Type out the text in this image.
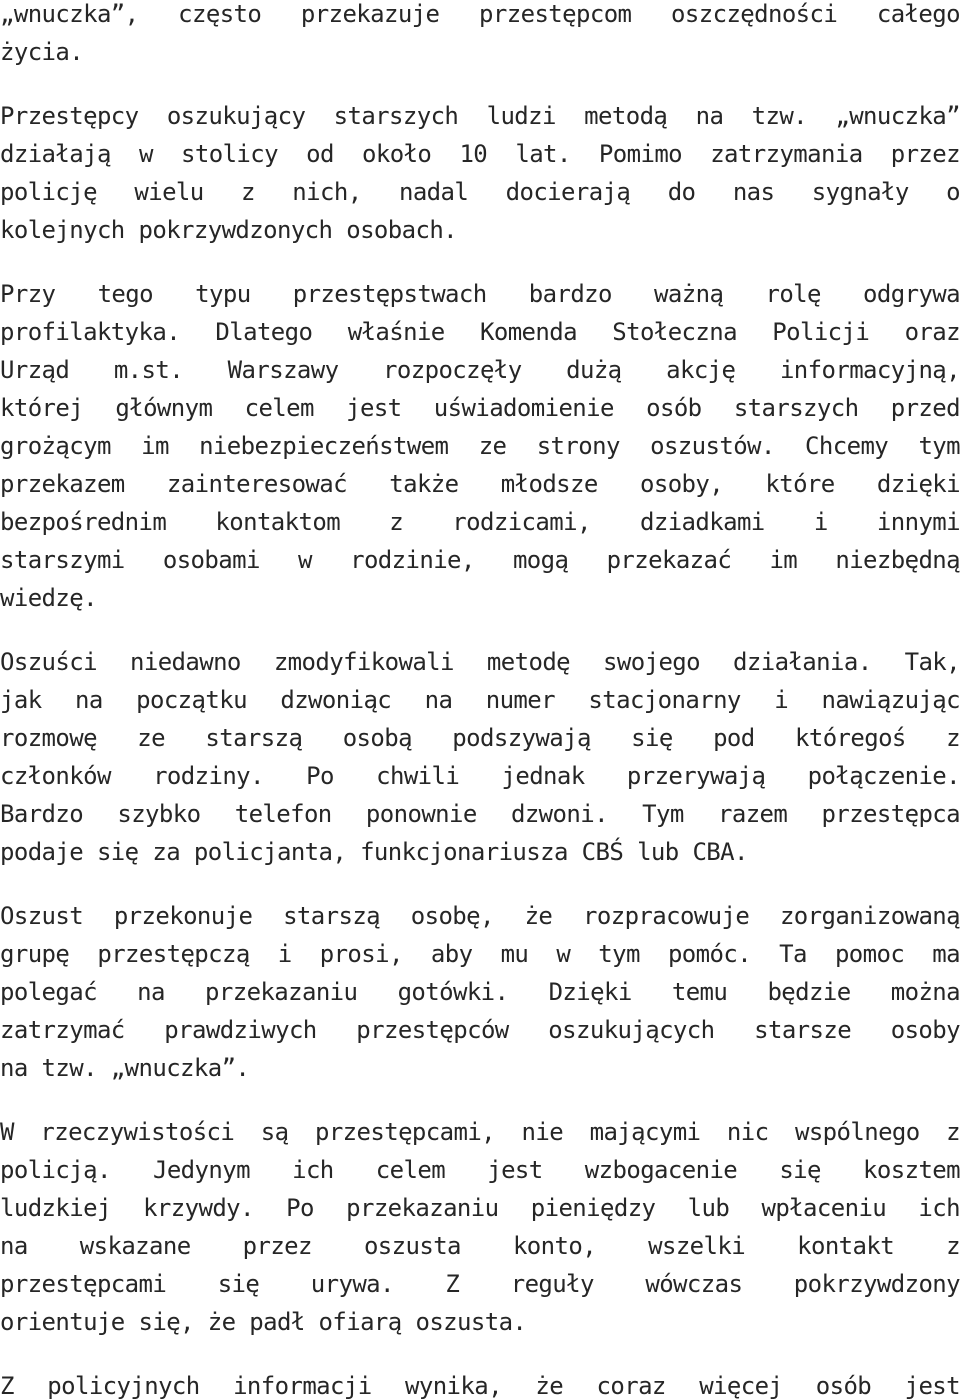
„wnuczka”, często przekazuje przestępcom oszczędności całego
życia.

Przestępcy oszukujący starszych ludzi metodą na tzw. „wnuczka”
działają w stolicy od około 10 lat. Pomimo zatrzymania przez
policję wielu z nich, nadal docierają do nas sygnały o
kolejnych pokrzywdzonych osobach.

Przy tego typu przestępstwach bardzo ważną rolę odgrywa
profilaktyka. Dlatego właśnie Komenda Stołeczna Policji oraz
Urząd m.st. Warszawy rozpoczęły dużą akcję informacyjną,
której głównym celem jest uświadomienie osób starszych przed
grożącym im niebezpieczeństwem ze strony oszustów. Chcemy tym
przekazem zainteresować także młodsze osoby, które dzięki
bezpośrednim kontaktom z rodzicami, dziadkami i innymi
starszymi osobami w rodzinie, mogą przekazać im niezbędną
wiedzę.

Oszuści niedawno zmodyfikowali metodę swojego działania. Tak,
jak na początku dzwoniąc na numer stacjonarny i nawiązując
rozmowę ze starszą osobą podszywają się pod któregoś z
członków rodziny. Po chwili jednak przerywają połączenie.
Bardzo szybko telefon ponownie dzwoni. Tym razem przestępca
podaje się za policjanta, funkcjonariusza CBŚ lub CBA.

Oszust przekonuje starszą osobę, że rozpracowuje zorganizowaną
grupę przestępczą i prosi, aby mu w tym pomóc. Ta pomoc ma
polegać na przekazaniu gotówki. Dzięki temu będzie można
zatrzymać prawdziwych przestępców oszukujących starsze osoby
na tzw. „wnuczka”.

W rzeczywistości są przestępcami, nie mającymi nic wspólnego z
policją. Jedynym ich celem jest wzbogacenie się kosztem
ludzkiej krzywdy. Po przekazaniu pieniędzy lub wpłaceniu ich
na wskazane przez oszusta konto, wszelki kontakt z
przestępcami się urywa. Z reguły wówczas pokrzywdzony
orientuje się, że padł ofiarą oszusta.

Z policyjnych informacji wynika, że coraz więcej osób jest
